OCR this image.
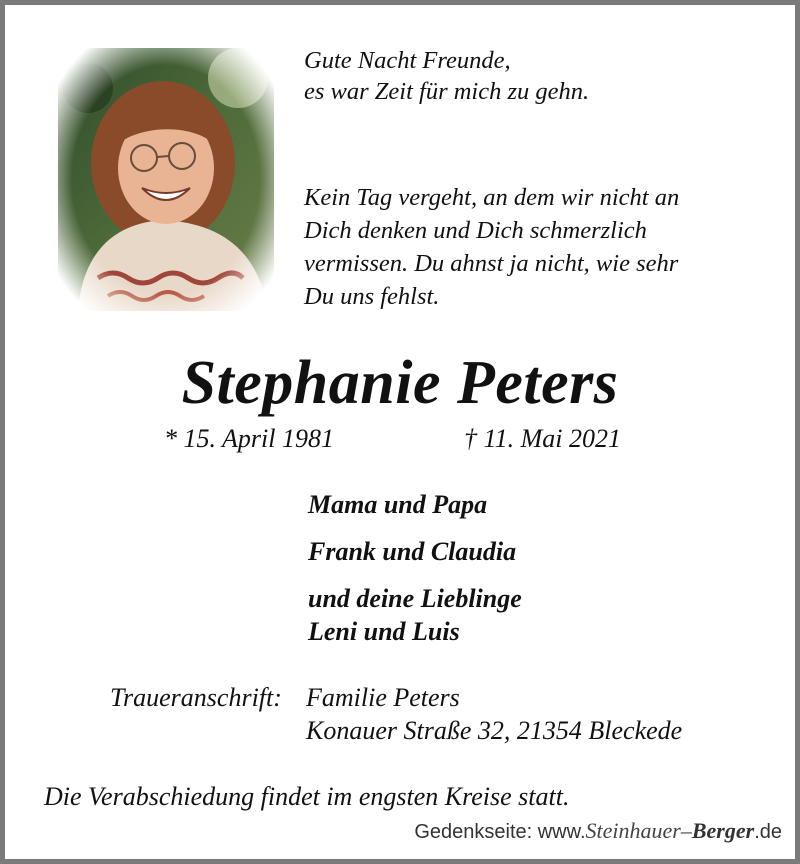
Gute Nacht Freunde,
es war Zeit für mich zu gehn.
Kein Tag vergeht, an dem wir nicht an
Dich denken und Dich schmerzlich
vermissen. Du ahnst ja nicht, wie sehr
Du uns fehlst.
Stephanie Peters
* 15. April 1981	† 11. Mai 2021
Mama und Papa
Frank und Claudia
und deine Lieblinge
Leni und Luis
Traueranschrift: Familie Peters
Konauer Straße 32, 21354 Bleckede
Die Verabschiedung findet im engsten Kreise statt.
Gedenkseite: www.Steinhauer–Berger.de
